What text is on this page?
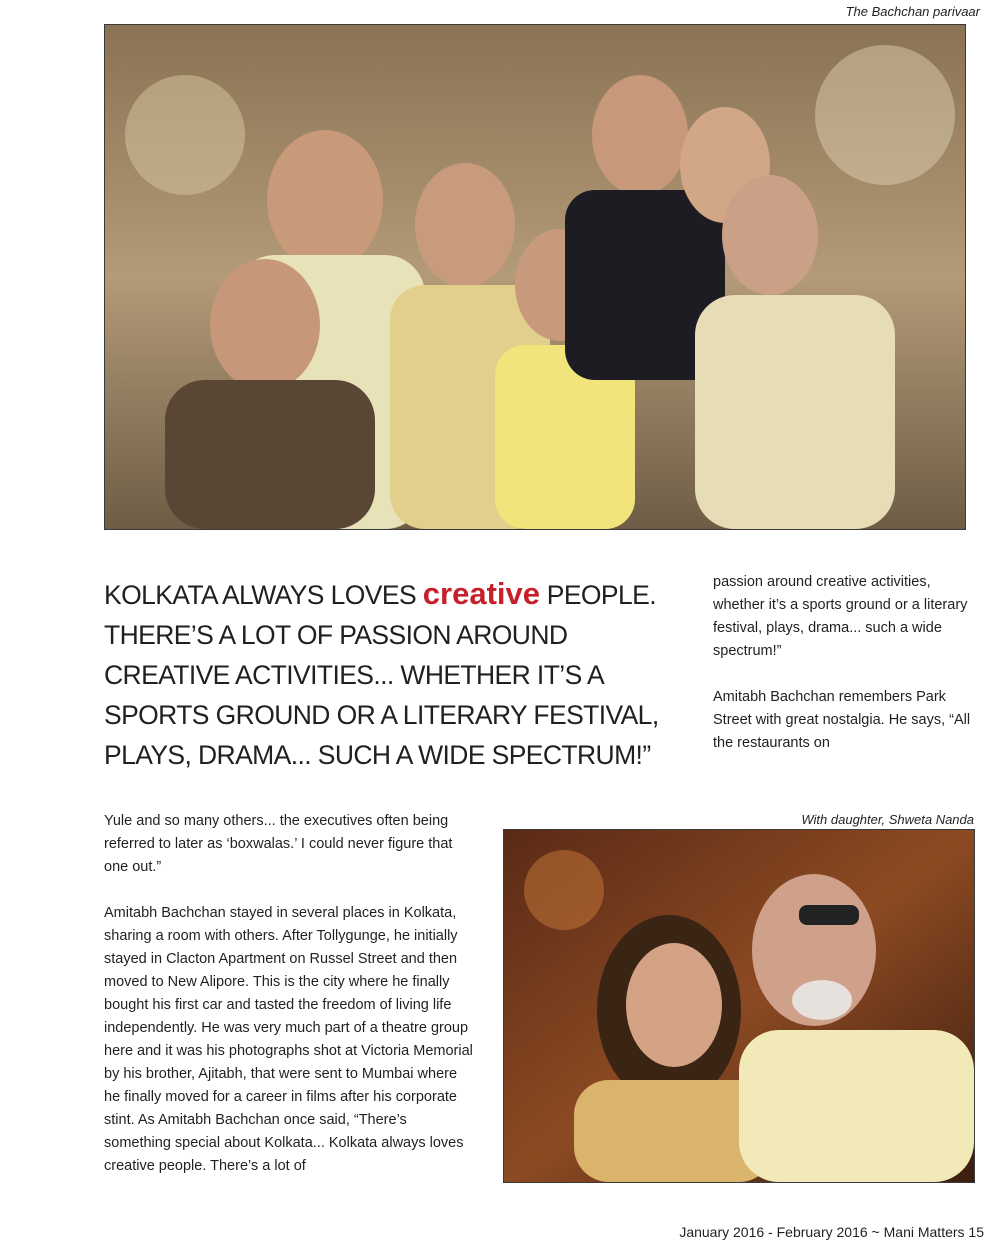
The Bachchan parivaar
KOLKATA ALWAYS LOVES creative PEOPLE. THERE’S A LOT OF PASSION AROUND CREATIVE ACTIVITIES... WHETHER IT’S A SPORTS GROUND OR A LITERARY FESTIVAL, PLAYS, DRAMA... SUCH A WIDE SPECTRUM!”

passion around creative activities, whether it’s a sports ground or a literary festival, plays, drama... such a wide spectrum!”

Amitabh Bachchan remembers Park Street with great nostalgia. He says, “All the restaurants on

Yule and so many others... the executives often being referred to later as ‘boxwalas.’ I could never figure that one out.”

Amitabh Bachchan stayed in several places in Kolkata, sharing a room with others. After Tollygunge, he initially stayed in Clacton Apartment on Russel Street and then moved to New Alipore. This is the city where he finally bought his first car and tasted the freedom of living life independently. He was very much part of a theatre group here and it was his photographs shot at Victoria Memorial by his brother, Ajitabh, that were sent to Mumbai where he finally moved for a career in films after his corporate stint. As Amitabh Bachchan once said, “There’s something special about Kolkata... Kolkata always loves creative people. There’s a lot of

With daughter, Shweta Nanda
January 2016 - February 2016 ~ Mani Matters 15
